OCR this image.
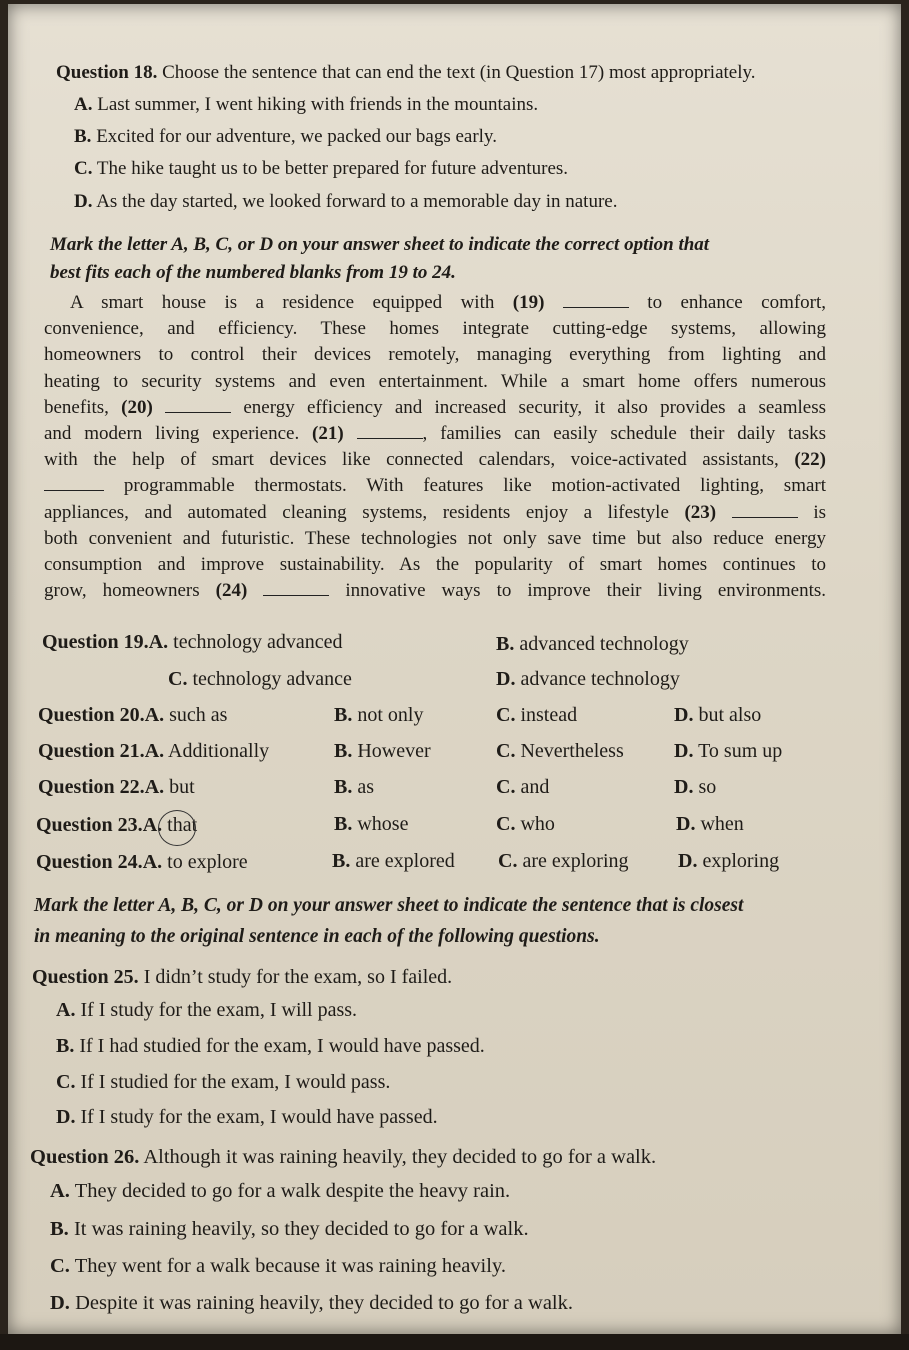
Question 18. Choose the sentence that can end the text (in Question 17) most appropriately.
A. Last summer, I went hiking with friends in the mountains.
B. Excited for our adventure, we packed our bags early.
C. The hike taught us to be better prepared for future adventures.
D. As the day started, we looked forward to a memorable day in nature.
Mark the letter A, B, C, or D on your answer sheet to indicate the correct option that
best fits each of the numbered blanks from 19 to 24.
A smart house is a residence equipped with (19)	to enhance comfort,
convenience, and efficiency. These homes integrate cutting-edge systems, allowing
homeowners to control their devices remotely, managing everything from lighting and
heating to security systems and even entertainment. While a smart home offers numerous
benefits, (20)	energy efficiency and increased security, it also provides a seamless
and modern living experience. (21)	, families can easily schedule their daily tasks
with the help of smart devices like connected calendars, voice-activated assistants, (22)
programmable thermostats. With features like motion-activated lighting, smart
appliances, and automated cleaning systems, residents enjoy a lifestyle (23)	is
both convenient and futuristic. These technologies not only save time but also reduce energy
consumption and improve sustainability. As the popularity of smart homes continues to
grow, homeowners (24)	innovative ways to improve their living environments.
Question 19.A. technology advanced	B. advanced technology
C. technology advance	D. advance technology
Question 20.A. such as	B. not only	C. instead	D. but also
Question 21.A. Additionally	B. However	C. Nevertheless	D. To sum up
Question 22.A. but	B. as	C. and	D. so
Question 23.A. that	B. whose	C. who	D. when
Question 24.A. to explore	B. are explored C. are exploring D. exploring
Mark the letter A, B, C, or D on your answer sheet to indicate the sentence that is closest
in meaning to the original sentence in each of the following questions.
Question 25. I didn’t study for the exam, so I failed.
A. If I study for the exam, I will pass.
B. If I had studied for the exam, I would have passed.
C. If I studied for the exam, I would pass.
D. If I study for the exam, I would have passed.
Question 26. Although it was raining heavily, they decided to go for a walk.
A. They decided to go for a walk despite the heavy rain.
B. It was raining heavily, so they decided to go for a walk.
C. They went for a walk because it was raining heavily.
D. Despite it was raining heavily, they decided to go for a walk.
